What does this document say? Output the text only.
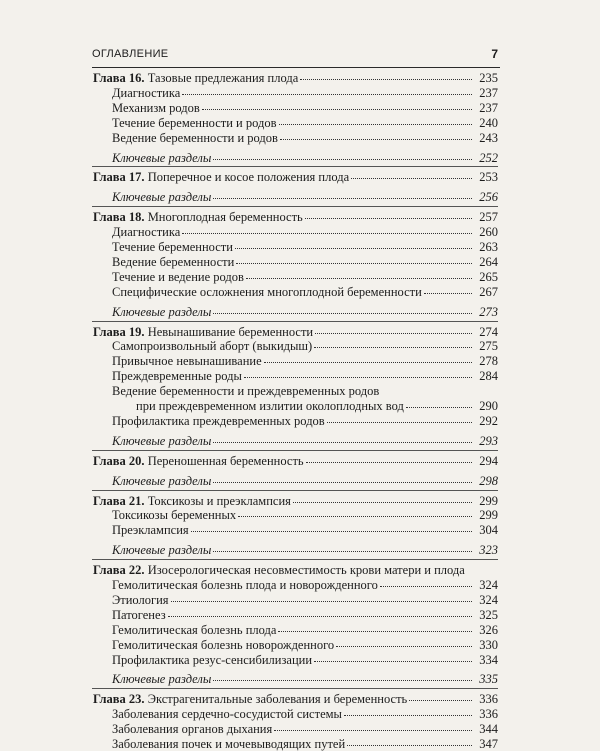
ОГЛАВЛЕНИЕ	7
Глава 16. Тазовые предлежания плода	235
Диагностика	237
Механизм родов	237
Течение беременности и родов	240
Ведение беременности и родов	243
Ключевые разделы	252
Глава 17. Поперечное и косое положения плода	253
Ключевые разделы	256
Глава 18. Многоплодная беременность	257
Диагностика	260
Течение беременности	263
Ведение беременности	264
Течение и ведение родов	265
Специфические осложнения многоплодной беременности	267
Ключевые разделы	273
Глава 19. Невынашивание беременности	274
Самопроизвольный аборт (выкидыш)	275
Привычное невынашивание	278
Преждевременные роды	284
Ведение беременности и преждевременных родов
при преждевременном излитии околоплодных вод	290
Профилактика преждевременных родов	292
Ключевые разделы	293
Глава 20. Переношенная беременность	294
Ключевые разделы	298
Глава 21. Токсикозы и преэклампсия	299
Токсикозы беременных	299
Преэклампсия	304
Ключевые разделы	323
Глава 22. Изосерологическая несовместимость крови матери и плода
Гемолитическая болезнь плода и новорожденного	324
Этиология	324
Патогенез	325
Гемолитическая болезнь плода	326
Гемолитическая болезнь новорожденного	330
Профилактика резус-сенсибилизации	334
Ключевые разделы	335
Глава 23. Экстрагенитальные заболевания и беременность	336
Заболевания сердечно-сосудистой системы	336
Заболевания органов дыхания	344
Заболевания почек и мочевыводящих путей	347
